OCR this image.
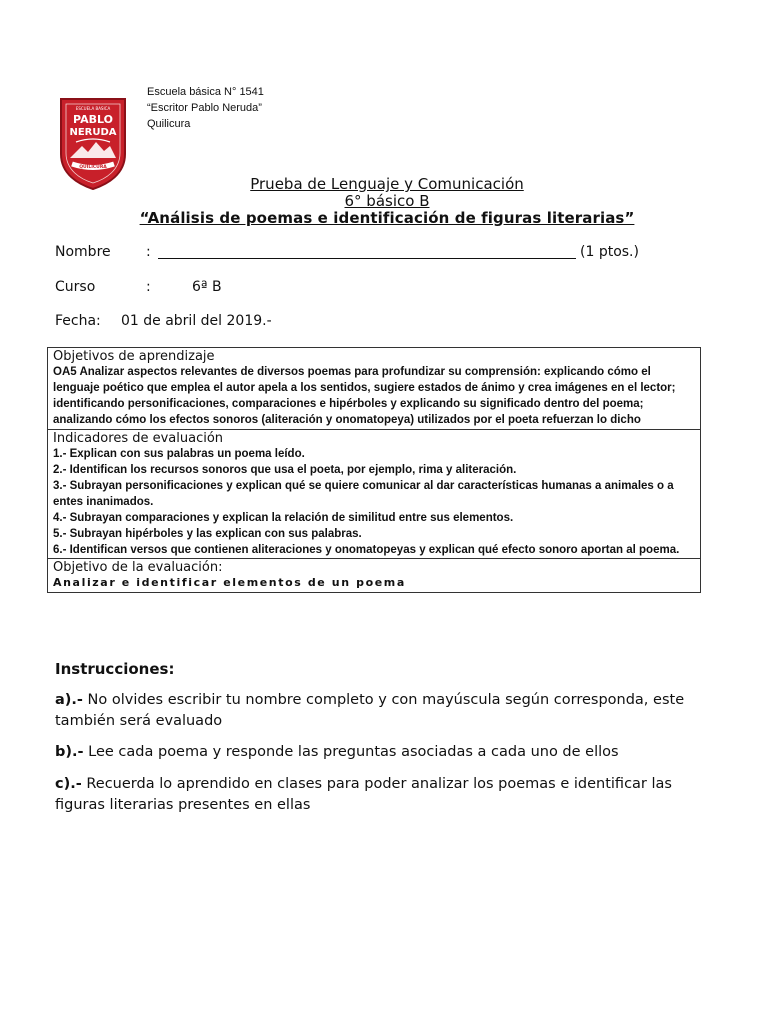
ESCUELA BASICA
PABLO
NERUDA
QUILICURA
Escuela básica N° 1541
“Escritor Pablo Neruda”
Quilicura
Prueba de Lenguaje y Comunicación
6° básico B
“Análisis de poemas e identificación de figuras literarias”
Nombre	:	(1 ptos.)
Curso	:	6ª B
Fecha: 01 de abril del 2019.-
Objetivos de aprendizaje
OA5 Analizar aspectos relevantes de diversos poemas para profundizar su comprensión: explicando cómo el lenguaje poético que emplea el autor apela a los sentidos, sugiere estados de ánimo y crea imágenes en el lector; identificando personificaciones, comparaciones e hipérboles y explicando su significado dentro del poema; analizando cómo los efectos sonoros (aliteración y onomatopeya) utilizados por el poeta refuerzan lo dicho
Indicadores de evaluación
1.- Explican con sus palabras un poema leído.
2.- Identifican los recursos sonoros que usa el poeta, por ejemplo, rima y aliteración.
3.- Subrayan personificaciones y explican qué se quiere comunicar al dar características humanas a animales o a entes inanimados.
4.- Subrayan comparaciones y explican la relación de similitud entre sus elementos.
5.- Subrayan hipérboles y las explican con sus palabras.
6.- Identifican versos que contienen aliteraciones y onomatopeyas y explican qué efecto sonoro aportan al poema.
Objetivo de la evaluación:
Analizar e identificar elementos de un poema
Instrucciones:
a).- No olvides escribir tu nombre completo y con mayúscula según corresponda, este también será evaluado
b).- Lee cada poema y responde las preguntas asociadas a cada uno de ellos
c).- Recuerda lo aprendido en clases para poder analizar los poemas e identificar las figuras literarias presentes en ellas
